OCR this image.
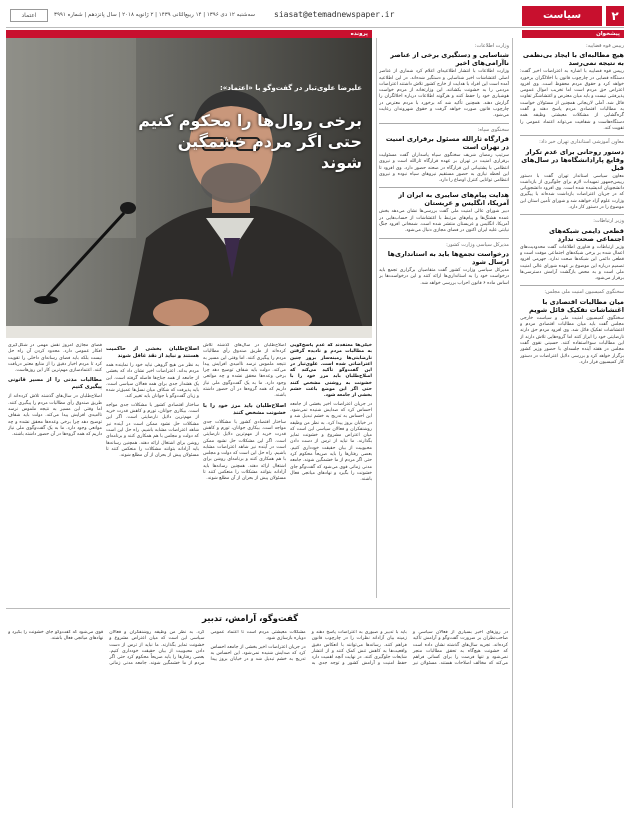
۲
سیاست
siasat@etemadnewspaper.ir
سه‌شنبه ۱۲ دی ۱۳۹۶ | ۱۴ ربیع‌الثانی ۱۴۳۹ | ۲ ژانویه ۲۰۱۸ | سال پانزدهم | شماره ۳۹۹۱
اعتماد
پیشخوان
پرونده
علیرضا علوی‌تبار در گفت‌وگو با «اعتماد»:
برخی رو‌ال‌ها را محکوم کنیم حتی اگر مردم خشمگین شوند
رییس قوه قضاییه:
هیچ مطالبه‌ای با ایجاد بی‌نظمی به نتیجه نمی‌رسد

رییس قوه قضاییه با اشاره به اعتراضات اخیر گفت: دستگاه قضایی در چارچوب قانون با اخلالگران برخورد خواهد کرد و حقوق مردم محفوظ است. وی افزود اعتراض حق مردم است اما تخریب اموال عمومی پذیرفتنی نیست و باید میان معترض و اغتشاشگر تفاوت قائل شد. آملی لاریجانی همچنین از مسئولان خواست به مطالبات اقتصادی مردم پاسخ دهند و گفت گره‌گشایی از مشکلات معیشتی وظیفه همه دستگاه‌هاست و شفافیت می‌تواند اعتماد عمومی را تقویت کند.

معاون آموزشی استانداری تهران خبر داد:
دستور رو‌حانی برای عدم تکرار وقایع پارادانشگاه‌ها در سال‌های قبل

معاون سیاسی استاندار تهران گفت با دستور رییس‌جمهور تمهیدات لازم برای جلوگیری از بازداشت دانشجویان اندیشیده شده است. وی افزود دانشجویانی که در جریان اعتراضات بازداشت شده‌اند با پیگیری وزارت علوم آزاد خواهند شد و شورای تأمین استان این موضوع را در دستور کار دارد.

وزیر ارتباطات:
قطعی دایمی شبکه‌های اجتماعی صحت ندارد

وزیر ارتباطات و فناوری اطلاعات گفت محدودیت‌های اعمال شده بر برخی شبکه‌های اجتماعی موقت است و قطعی دائمی این شبکه‌ها صحت ندارد. جهرمی افزود تصمیم درباره این موضوع بر عهده شورای عالی امنیت ملی است و به محض بازگشت آرامش دسترسی‌ها برقرار می‌شود.

سخنگوی کمیسیون امنیت ملی مجلس:
میان مطالبات اقتصادی با اغتشاشات تفکیک قائل شویم

سخنگوی کمیسیون امنیت ملی و سیاست خارجی مجلس گفت باید میان مطالبات اقتصادی مردم و اغتشاشات تفکیک قائل شد. وی افزود مردم حق دارند نارضایتی خود را ابراز کنند اما گروه‌هایی تلاش دارند از این مطالبات سوءاستفاده کنند. حسینی نقوی گفت مجلس در هفته آینده جلسه‌ای با حضور وزیر کشور برگزار خواهد کرد و بررسی دلایل اعتراضات در دستور کار کمیسیون قرار دارد.

وزارت اطلاعات:
شناسایی و دستگیری برخی از عناصر ناآرامی‌های اخیر

وزارت اطلاعات با انتشار اطلاعیه‌ای اعلام کرد شماری از عناصر اصلی اغتشاشات اخیر شناسایی و دستگیر شده‌اند. در این اطلاعیه آمده است این افراد با هدایت از خارج کشور تلاش داشتند اعتراضات مردمی را به خشونت بکشانند. این وزارتخانه از مردم خواست هوشیاری خود را حفظ کنند و هرگونه اطلاعات درباره اخلالگران را گزارش دهند. همچنین تأکید شد که برخورد با مردم معترض در چارچوب قانون صورت خواهد گرفت و حقوق شهروندان رعایت می‌شود.

سخنگوی سپاه:
قرارگاه ثارالله مسئول برقراری امنیت در تهران است

سرتیپ رمضان شریف سخنگوی سپاه پاسداران گفت مسئولیت برقراری امنیت در تهران بر عهده قرارگاه ثارالله است و نیروی انتظامی با پشتیبانی این قرارگاه در صحنه حضور دارد. وی افزود تا این لحظه نیازی به حضور مستقیم نیروهای سپاه نبوده و نیروی انتظامی توانایی کنترل اوضاع را دارد.

هدایت پیام‌های سایبری به ایران از آمریکا، انگلیس و عربستان

دبیر شورای عالی امنیت ملی گفت بررسی‌ها نشان می‌دهد بخش عمده هشتگ‌ها و پیام‌های مرتبط با اغتشاشات از حساب‌هایی در آمریکا، انگلیس و عربستان منتشر شده است. شمخانی افزود جنگ نیابتی علیه ایران اکنون در فضای مجازی دنبال می‌شود.

مدیرکل سیاسی وزارت کشور:
درخواست تجمع‌ها باید به استانداری‌ها ارسال شود

مدیرکل سیاسی وزارت کشور گفت متقاضیان برگزاری تجمع باید درخواست خود را به استانداری‌ها ارائه کنند و این درخواست‌ها بر اساس ماده ۶ قانون احزاب بررسی خواهد شد.

خیلی‌ها معتقدند که عدم پاسخ‌گویی به مطالبات مردم و نادیده گرفتن نارضایتی‌ها زمینه‌ساز بروز چنین اعتراضاتی شده است. علوی‌تبار در این گفت‌وگو تأکید می‌کند که اصلاح‌طلبان باید مرز خود را با خشونت به روشنی مشخص کنند حتی اگر این موضع باعث خشم بخشی از جامعه شود.

در جریان اعتراضات اخیر بخشی از جامعه احساس کرد که صدایش شنیده نمی‌شود. این احساس به تدریج به خشم تبدیل شد و در خیابان بروز پیدا کرد. به نظر من وظیفه روشنفکران و فعالان سیاسی این است که میان اعتراض مشروع و خشونت تمایز بگذارند. ما نباید از ترس از دست دادن محبوبیت از بیان حقیقت خودداری کنیم. بعضی رفتارها را باید صریحاً محکوم کرد حتی اگر مردم از ما خشمگین شوند. جامعه مدنی زمانی قوی می‌شود که گفت‌وگو جای خشونت را بگیرد و نهادهای میانجی فعال باشند.

اصلاح‌طلبان در سال‌های گذشته تلاش کرده‌اند از طریق صندوق رأی مطالبات مردم را پیگیری کنند. اما وقتی این مسیر به نتیجه ملموس نرسد ناامیدی افزایش پیدا می‌کند. دولت باید شفاف توضیح دهد چرا برخی وعده‌ها محقق نشده و چه موانعی وجود دارد. ما به یک گفت‌وگوی ملی نیاز داریم که همه گروه‌ها در آن حضور داشته باشند.

اصلاح‌طلبان باید مرز خود را با خشونت مشخص کنند

ساختار اقتصادی کشور با مشکلات جدی مواجه است. بیکاری جوانان، تورم و کاهش قدرت خرید از مهم‌ترین دلایل نارضایتی است. اگر این مشکلات حل نشود ممکن است در آینده نیز شاهد اعتراضات مشابه باشیم. راه حل این است که دولت و مجلس با هم همکاری کنند و برنامه‌ای روشن برای اشتغال ارائه دهند. همچنین رسانه‌ها باید آزادانه بتوانند مشکلات را منعکس کنند تا مسئولان پیش از بحران از آن مطلع شوند.

اصلاح‌طلبان بخشی از حاکمیت هستند و نباید از نقد غافل شوند

به نظر من هیچ گروهی نباید خود را نماینده همه مردم بداند. اعتراضات اخیر نشان داد که بخشی از جامعه از همه جناح‌ها فاصله گرفته است. این یک هشدار جدی برای همه فعالان سیاسی است. باید پذیرفت که شکاف میان نسل‌ها عمیق‌تر شده و زبان گفت‌وگو با جوانان باید تغییر کند.

ساختار اقتصادی کشور با مشکلات جدی مواجه است. بیکاری جوانان، تورم و کاهش قدرت خرید از مهم‌ترین دلایل نارضایتی است. اگر این مشکلات حل نشود ممکن است در آینده نیز شاهد اعتراضات مشابه باشیم. راه حل این است که دولت و مجلس با هم همکاری کنند و برنامه‌ای روشن برای اشتغال ارائه دهند. همچنین رسانه‌ها باید آزادانه بتوانند مشکلات را منعکس کنند تا مسئولان پیش از بحران از آن مطلع شوند.

فضای مجازی امروز نقش مهمی در شکل‌گیری افکار عمومی دارد. محدود کردن آن راه حل نیست بلکه باید فضای رسانه‌ای داخلی را تقویت کرد تا مردم اخبار دقیق را از منابع معتبر دریافت کنند. اعتمادسازی مهم‌ترین کار این روزهاست.

مطالبات مدنی را از مسیر قانونی پیگیری کنیم

اصلاح‌طلبان در سال‌های گذشته تلاش کرده‌اند از طریق صندوق رأی مطالبات مردم را پیگیری کنند. اما وقتی این مسیر به نتیجه ملموس نرسد ناامیدی افزایش پیدا می‌کند. دولت باید شفاف توضیح دهد چرا برخی وعده‌ها محقق نشده و چه موانعی وجود دارد. ما به یک گفت‌وگوی ملی نیاز داریم که همه گروه‌ها در آن حضور داشته باشند.

گفت‌وگو، آرامش، تدبیر

در روزهای اخیر بسیاری از فعالان سیاسی و صاحب‌نظران بر ضرورت گفت‌وگو و آرامش تأکید کرده‌اند. تجربه سال‌های گذشته نشان داده است که خشونت هیچ‌گاه به تحقق مطالبات منجر نمی‌شود و تنها فرصت را برای کسانی فراهم می‌کند که مخالف اصلاحات هستند. مسئولان نیز باید با تدبیر و صبوری به اعتراضات پاسخ دهند و زمینه بیان آزادانه نظرات را در چارچوب قانون فراهم کنند. رسانه‌ها می‌توانند با انعکاس دقیق واقعیت‌ها به کاهش تنش کمک کنند و از انتشار شایعات جلوگیری کنند. در نهایت آنچه اهمیت دارد حفظ امنیت و آرامش کشور و توجه جدی به مشکلات معیشتی مردم است تا اعتماد عمومی دوباره بازسازی شود.

در جریان اعتراضات اخیر بخشی از جامعه احساس کرد که صدایش شنیده نمی‌شود. این احساس به تدریج به خشم تبدیل شد و در خیابان بروز پیدا کرد. به نظر من وظیفه روشنفکران و فعالان سیاسی این است که میان اعتراض مشروع و خشونت تمایز بگذارند. ما نباید از ترس از دست دادن محبوبیت از بیان حقیقت خودداری کنیم. بعضی رفتارها را باید صریحاً محکوم کرد حتی اگر مردم از ما خشمگین شوند. جامعه مدنی زمانی قوی می‌شود که گفت‌وگو جای خشونت را بگیرد و نهادهای میانجی فعال باشند.
